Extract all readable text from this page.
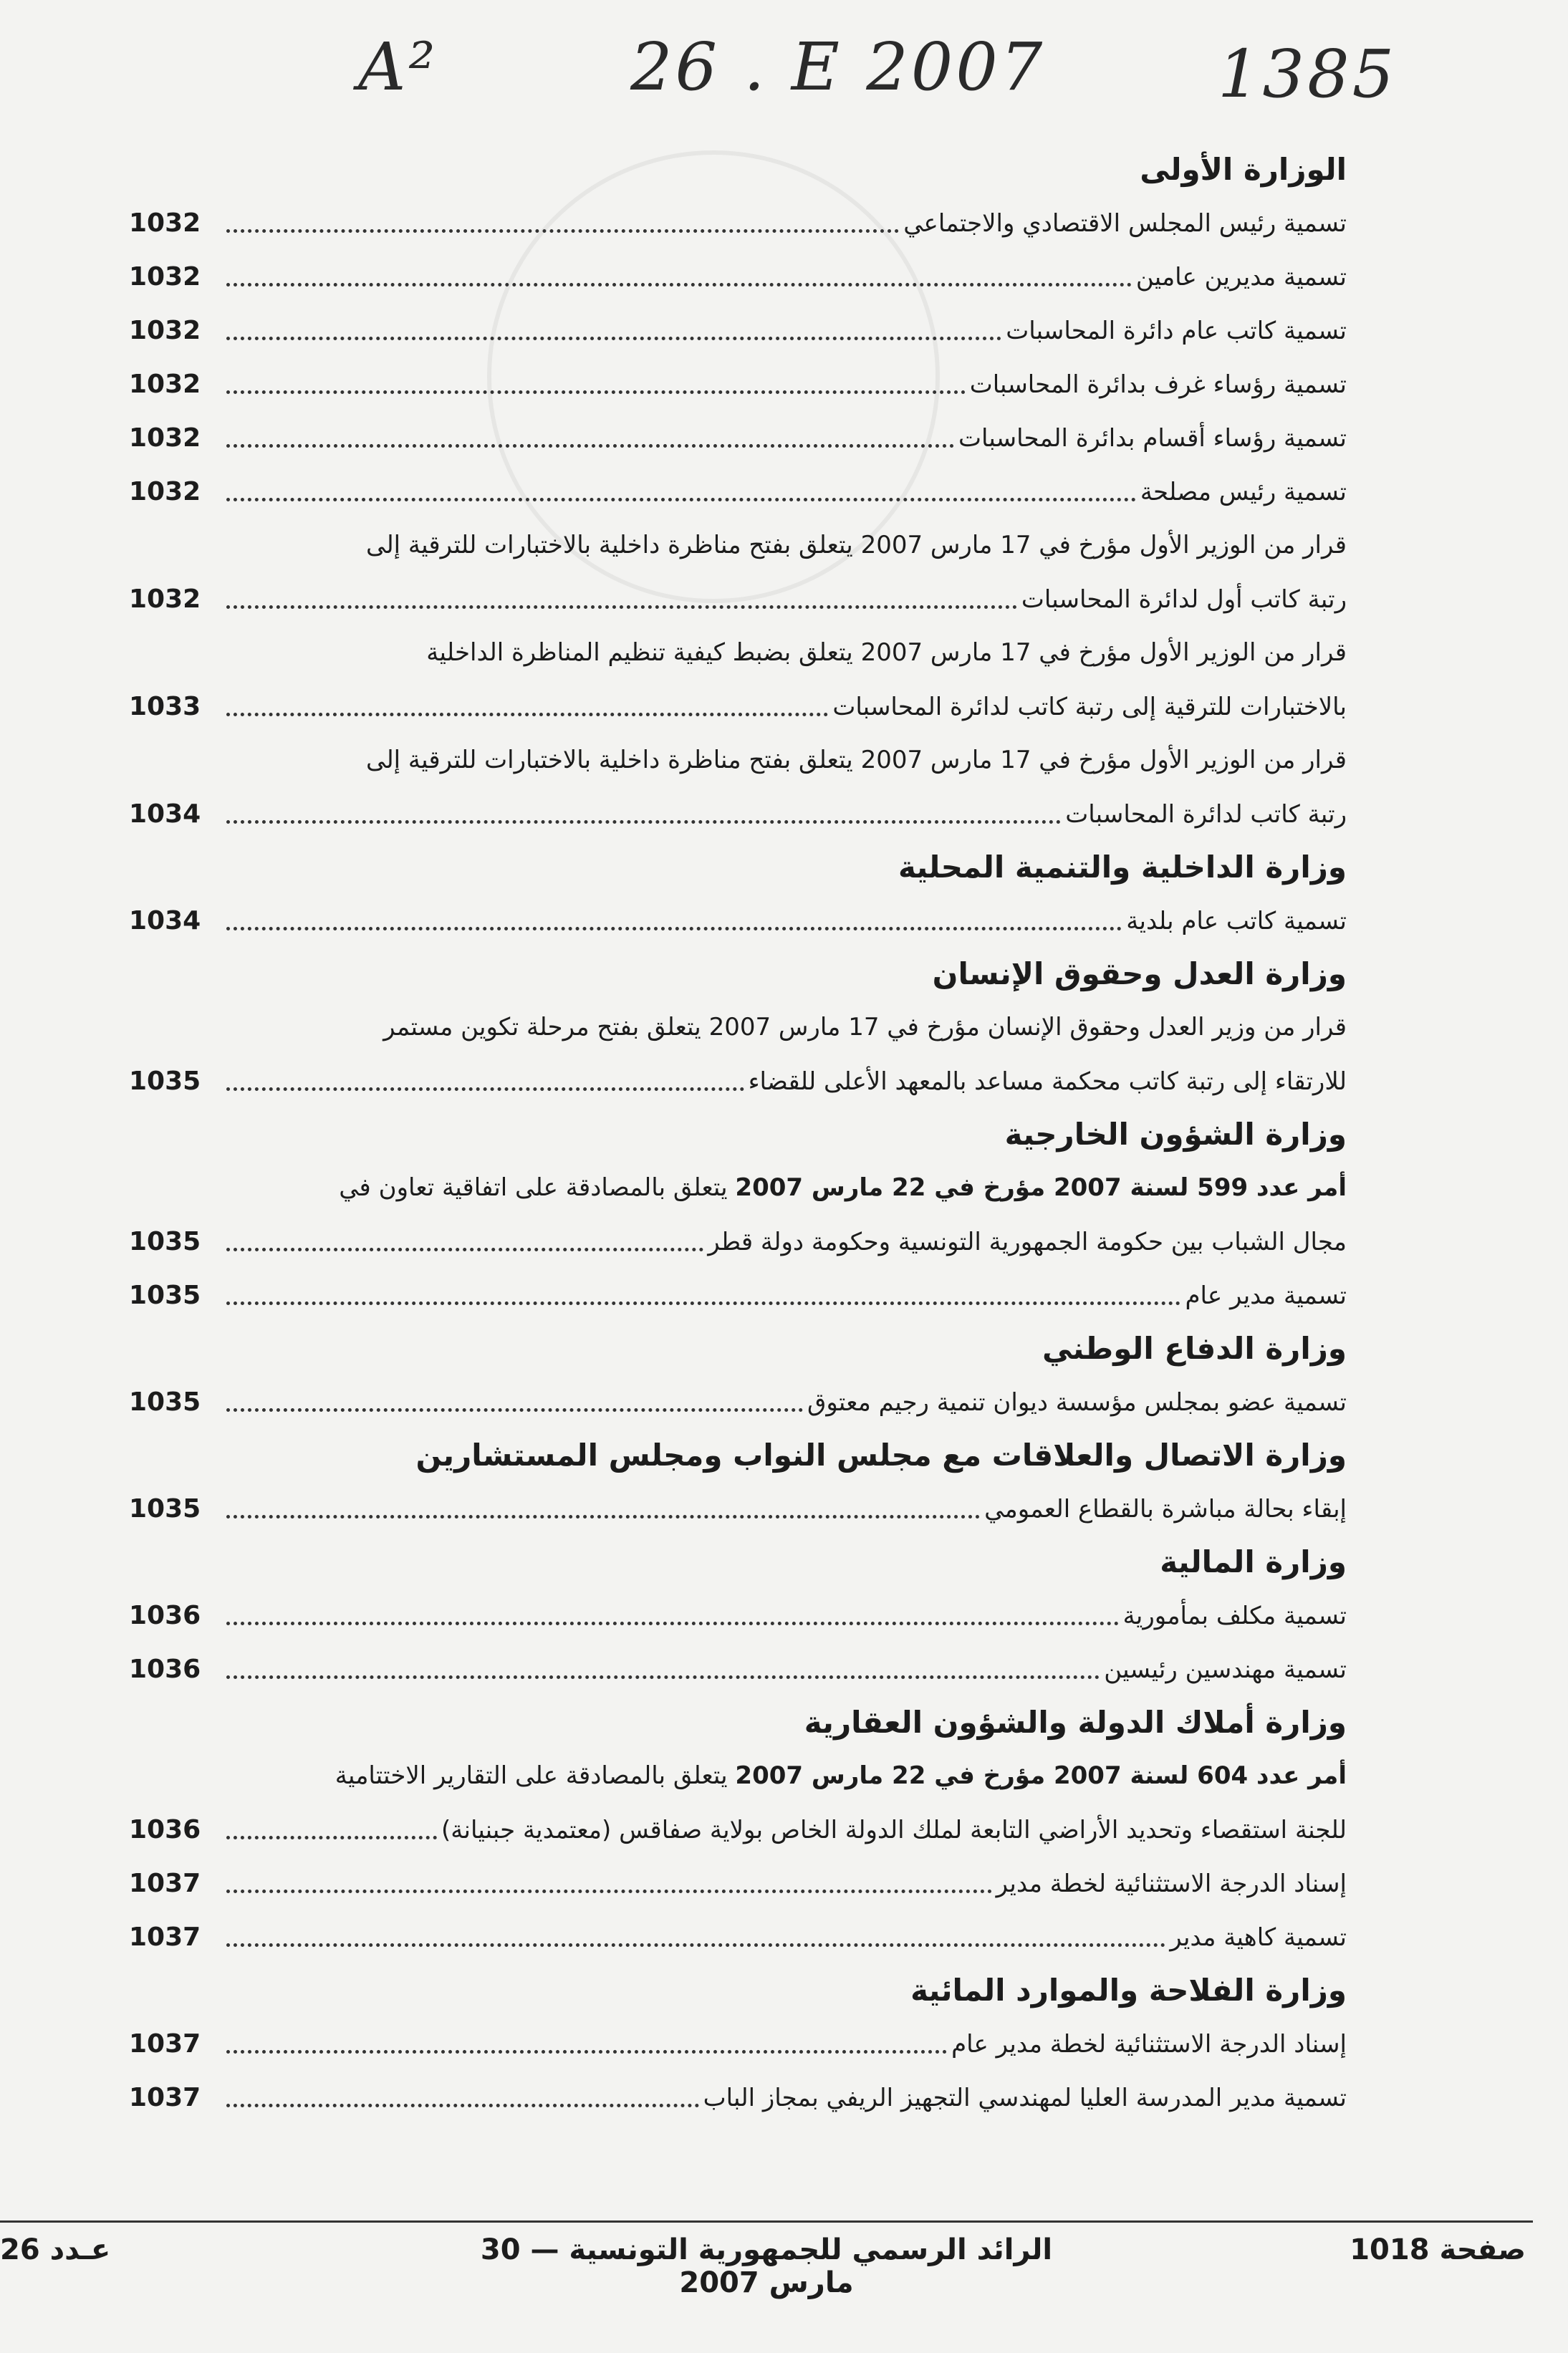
A²	26 . E 2007	1385
الوزارة الأولى
تسمية رئيس المجلس الاقتصادي والاجتماعي
1032
تسمية مديرين عامين
1032
تسمية كاتب عام دائرة المحاسبات
1032
تسمية رؤساء غرف بدائرة المحاسبات
1032
تسمية رؤساء أقسام بدائرة المحاسبات
1032
تسمية رئيس مصلحة
1032
قرار من الوزير الأول مؤرخ في 17 مارس 2007 يتعلق بفتح مناظرة داخلية بالاختبارات للترقية إلى
رتبة كاتب أول لدائرة المحاسبات
1032
قرار من الوزير الأول مؤرخ في 17 مارس 2007 يتعلق بضبط كيفية تنظيم المناظرة الداخلية
بالاختبارات للترقية إلى رتبة كاتب لدائرة المحاسبات
1033
قرار من الوزير الأول مؤرخ في 17 مارس 2007 يتعلق بفتح مناظرة داخلية بالاختبارات للترقية إلى
رتبة كاتب لدائرة المحاسبات
1034
وزارة الداخلية والتنمية المحلية
تسمية كاتب عام بلدية
1034
وزارة العدل وحقوق الإنسان
قرار من وزير العدل وحقوق الإنسان مؤرخ في 17 مارس 2007 يتعلق بفتح مرحلة تكوين مستمر
للارتقاء إلى رتبة كاتب محكمة مساعد بالمعهد الأعلى للقضاء
1035
وزارة الشؤون الخارجية
أمر عدد 599 لسنة 2007 مؤرخ في 22 مارس 2007 يتعلق بالمصادقة على اتفاقية تعاون في
مجال الشباب بين حكومة الجمهورية التونسية وحكومة دولة قطر
1035
تسمية مدير عام
1035
وزارة الدفاع الوطني
تسمية عضو بمجلس مؤسسة ديوان تنمية رجيم معتوق
1035
وزارة الاتصال والعلاقات مع مجلس النواب ومجلس المستشارين
إبقاء بحالة مباشرة بالقطاع العمومي
1035
وزارة المالية
تسمية مكلف بمأمورية
1036
تسمية مهندسين رئيسين
1036
وزارة أملاك الدولة والشؤون العقارية
أمر عدد 604 لسنة 2007 مؤرخ في 22 مارس 2007 يتعلق بالمصادقة على التقارير الاختتامية
للجنة استقصاء وتحديد الأراضي التابعة لملك الدولة الخاص بولاية صفاقس (معتمدية جبنيانة)
1036
إسناد الدرجة الاستثنائية لخطة مدير
1037
تسمية كاهية مدير
1037
وزارة الفلاحة والموارد المائية
إسناد الدرجة الاستثنائية لخطة مدير عام
1037
تسمية مدير المدرسة العليا لمهندسي التجهيز الريفي بمجاز الباب
1037
صفحة 1018
الرائد الرسمي للجمهورية التونسية — 30 مارس 2007
عـدد 26
